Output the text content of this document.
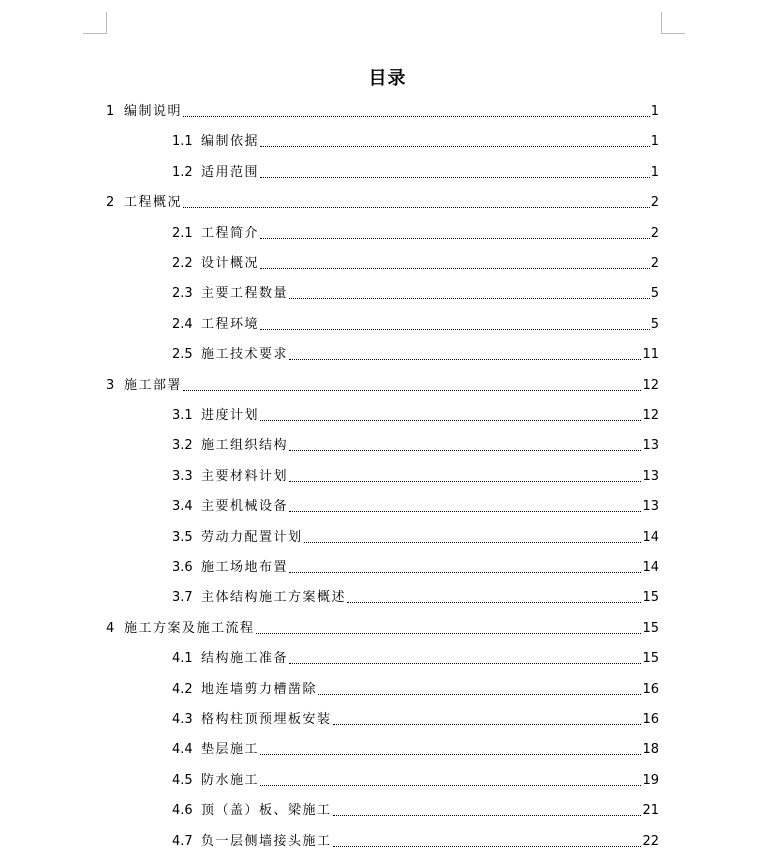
目录
1 编制说明	1
1.1 编制依据	1
1.2 适用范围	1
2 工程概况	2
2.1 工程简介	2
2.2 设计概况	2
2.3 主要工程数量	5
2.4 工程环境	5
2.5 施工技术要求	11
3 施工部署	12
3.1 进度计划	12
3.2 施工组织结构	13
3.3 主要材料计划	13
3.4 主要机械设备	13
3.5 劳动力配置计划	14
3.6 施工场地布置	14
3.7 主体结构施工方案概述	15
4 施工方案及施工流程	15
4.1 结构施工准备	15
4.2 地连墙剪力槽凿除	16
4.3 格构柱顶预埋板安装	16
4.4 垫层施工	18
4.5 防水施工	19
4.6 顶（盖）板、梁施工	21
4.7 负一层侧墙接头施工	22
